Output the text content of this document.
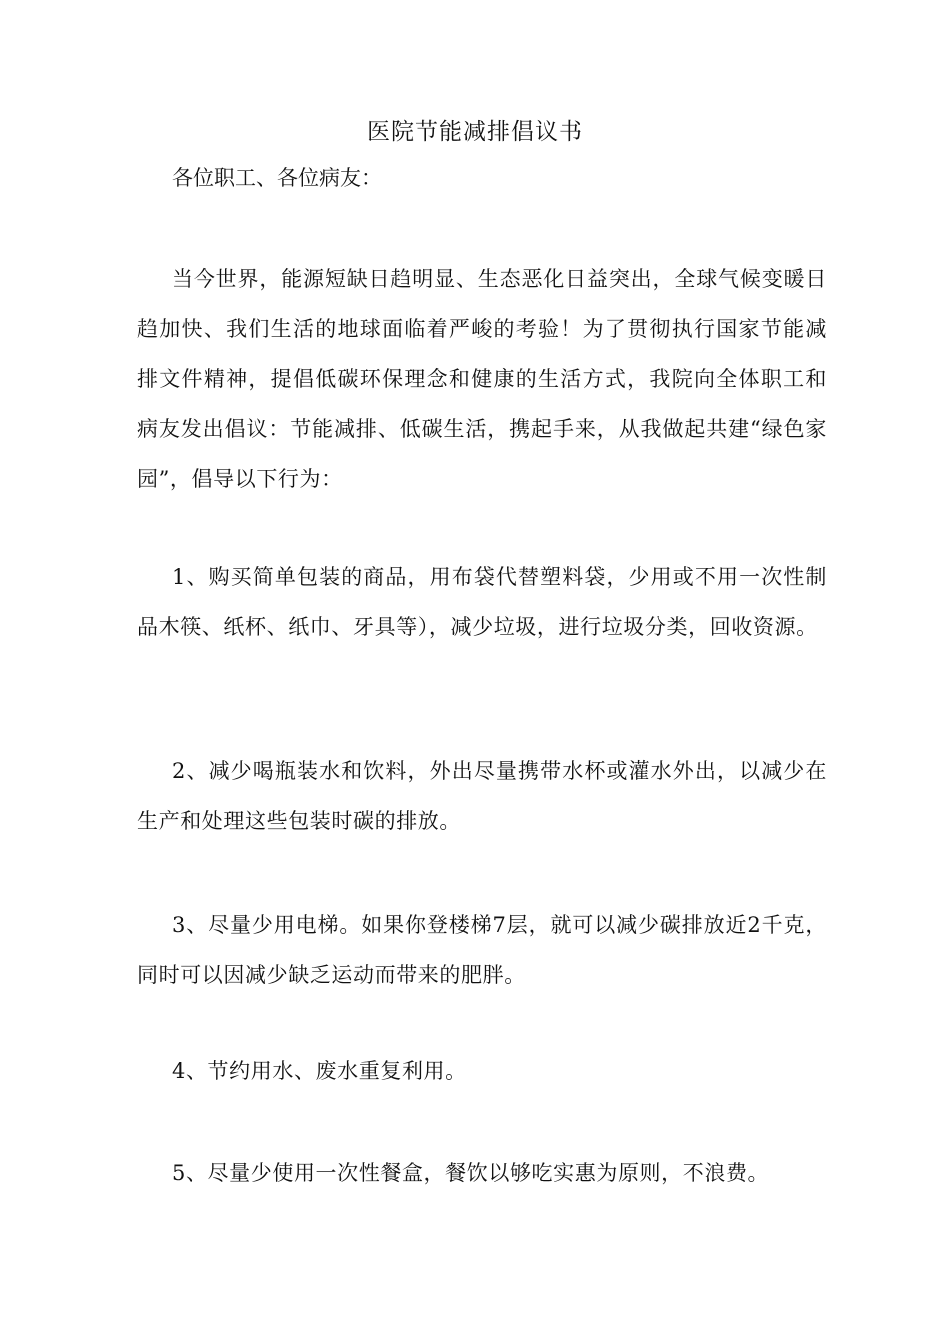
医院节能减排倡议书

各位职工、各位病友：

当今世界，能源短缺日趋明显、生态恶化日益突出，全球气候变暖日趋加快、我们生活的地球面临着严峻的考验！为了贯彻执行国家节能减排文件精神，提倡低碳环保理念和健康的生活方式，我院向全体职工和病友发出倡议：节能减排、低碳生活，携起手来，从我做起共建“绿色家园”，倡导以下行为：

1、购买简单包装的商品，用布袋代替塑料袋，少用或不用一次性制品木筷、纸杯、纸巾、牙具等），减少垃圾，进行垃圾分类，回收资源。

2、减少喝瓶装水和饮料，外出尽量携带水杯或灌水外出，以减少在生产和处理这些包装时碳的排放。

3、尽量少用电梯。如果你登楼梯7层，就可以减少碳排放近2千克，同时可以因减少缺乏运动而带来的肥胖。

4、节约用水、废水重复利用。

5、尽量少使用一次性餐盒，餐饮以够吃实惠为原则，不浪费。
